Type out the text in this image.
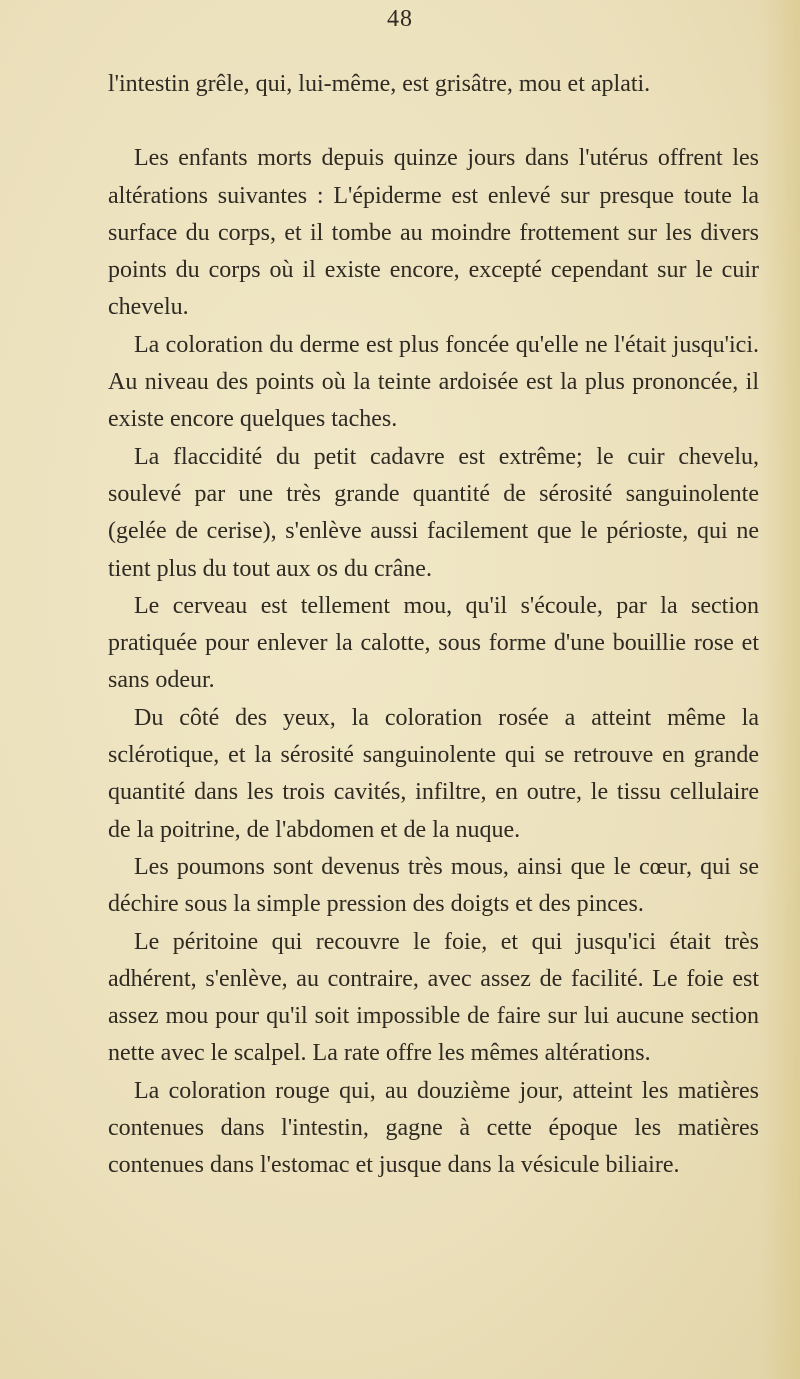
48

l'intestin grêle, qui, lui-même, est grisâtre, mou et aplati.

Les enfants morts depuis quinze jours dans l'utérus offrent les altérations suivantes : L'épiderme est enlevé sur presque toute la surface du corps, et il tombe au moindre frottement sur les divers points du corps où il existe encore, excepté cependant sur le cuir chevelu.

La coloration du derme est plus foncée qu'elle ne l'était jusqu'ici. Au niveau des points où la teinte ardoisée est la plus prononcée, il existe encore quelques taches.

La flaccidité du petit cadavre est extrême; le cuir chevelu, soulevé par une très grande quantité de sérosité sanguinolente (gelée de cerise), s'enlève aussi facilement que le périoste, qui ne tient plus du tout aux os du crâne.

Le cerveau est tellement mou, qu'il s'écoule, par la section pratiquée pour enlever la calotte, sous forme d'une bouillie rose et sans odeur.

Du côté des yeux, la coloration rosée a atteint même la sclérotique, et la sérosité sanguinolente qui se retrouve en grande quantité dans les trois cavités, infiltre, en outre, le tissu cellulaire de la poitrine, de l'abdomen et de la nuque.

Les poumons sont devenus très mous, ainsi que le cœur, qui se déchire sous la simple pression des doigts et des pinces.

Le péritoine qui recouvre le foie, et qui jusqu'ici était très adhérent, s'enlève, au contraire, avec assez de facilité. Le foie est assez mou pour qu'il soit impossible de faire sur lui aucune section nette avec le scalpel. La rate offre les mêmes altérations.

La coloration rouge qui, au douzième jour, atteint les matières contenues dans l'intestin, gagne à cette époque les matières contenues dans l'estomac et jusque dans la vésicule biliaire.
